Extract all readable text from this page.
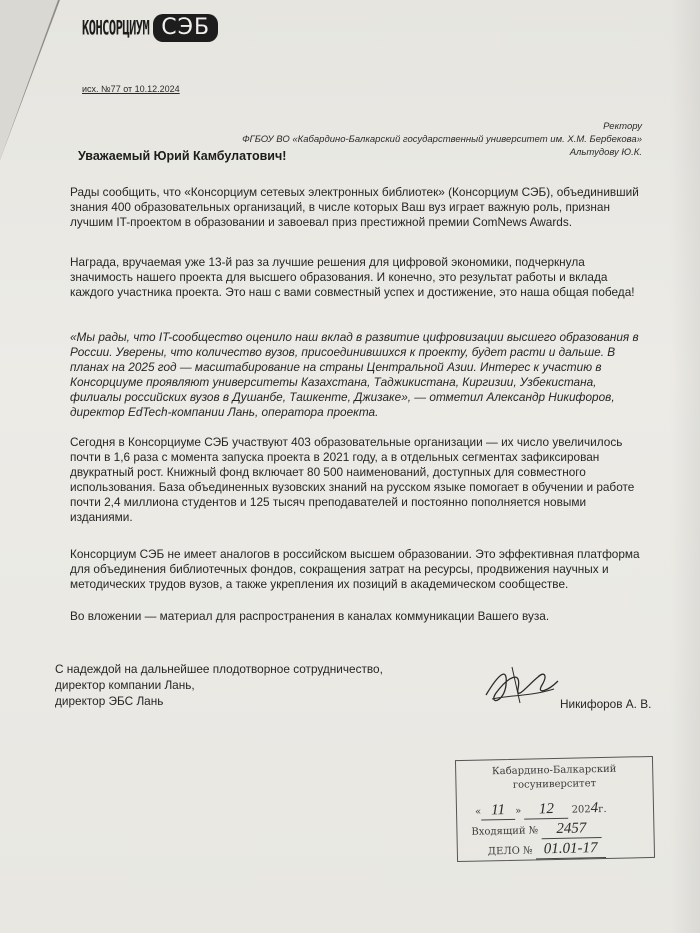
КОНСОРЦИУМ СЭБ
исх. №77 от 10.12.2024
Ректору
ФГБОУ ВО «Кабардино-Балкарский государственный университет им. Х.М. Бербекова»
Альтудову Ю.К.
Уважаемый Юрий Камбулатович!
Рады сообщить, что «Консорциум сетевых электронных библиотек» (Консорциум СЭБ), объединивший знания 400 образовательных организаций, в числе которых Ваш вуз играет важную роль, признан лучшим IT-проектом в образовании и завоевал приз престижной премии ComNews Awards.
Награда, вручаемая уже 13-й раз за лучшие решения для цифровой экономики, подчеркнула значимость нашего проекта для высшего образования. И конечно, это результат работы и вклада каждого участника проекта. Это наш с вами совместный успех и достижение, это наша общая победа!
«Мы рады, что IT-сообщество оценило наш вклад в развитие цифровизации высшего образования в России. Уверены, что количество вузов, присоединившихся к проекту, будет расти и дальше. В планах на 2025 год — масштабирование на страны Центральной Азии. Интерес к участию в Консорциуме проявляют университеты Казахстана, Таджикистана, Киргизии, Узбекистана, филиалы российских вузов в Душанбе, Ташкенте, Джизаке», — отметил Александр Никифоров, директор EdTech-компании Лань, оператора проекта.
Сегодня в Консорциуме СЭБ участвуют 403 образовательные организации — их число увеличилось почти в 1,6 раза с момента запуска проекта в 2021 году, а в отдельных сегментах зафиксирован двукратный рост. Книжный фонд включает 80 500 наименований, доступных для совместного использования. База объединенных вузовских знаний на русском языке помогает в обучении и работе почти 2,4 миллиона студентов и 125 тысяч преподавателей и постоянно пополняется новыми изданиями.
Консорциум СЭБ не имеет аналогов в российском высшем образовании. Это эффективная платформа для объединения библиотечных фондов, сокращения затрат на ресурсы, продвижения научных и методических трудов вузов, а также укрепления их позиций в академическом сообществе.
Во вложении — материал для распространения в каналах коммуникации Вашего вуза.
С надеждой на дальнейшее плодотворное сотрудничество,
директор компании Лань,
директор ЭБС Лань	Никифоров А. В.
Кабардино-Балкарский
госуниверситет
« 11 » 12 2024г.
Входящий № 2457
ДЕЛО № 01.01-17
